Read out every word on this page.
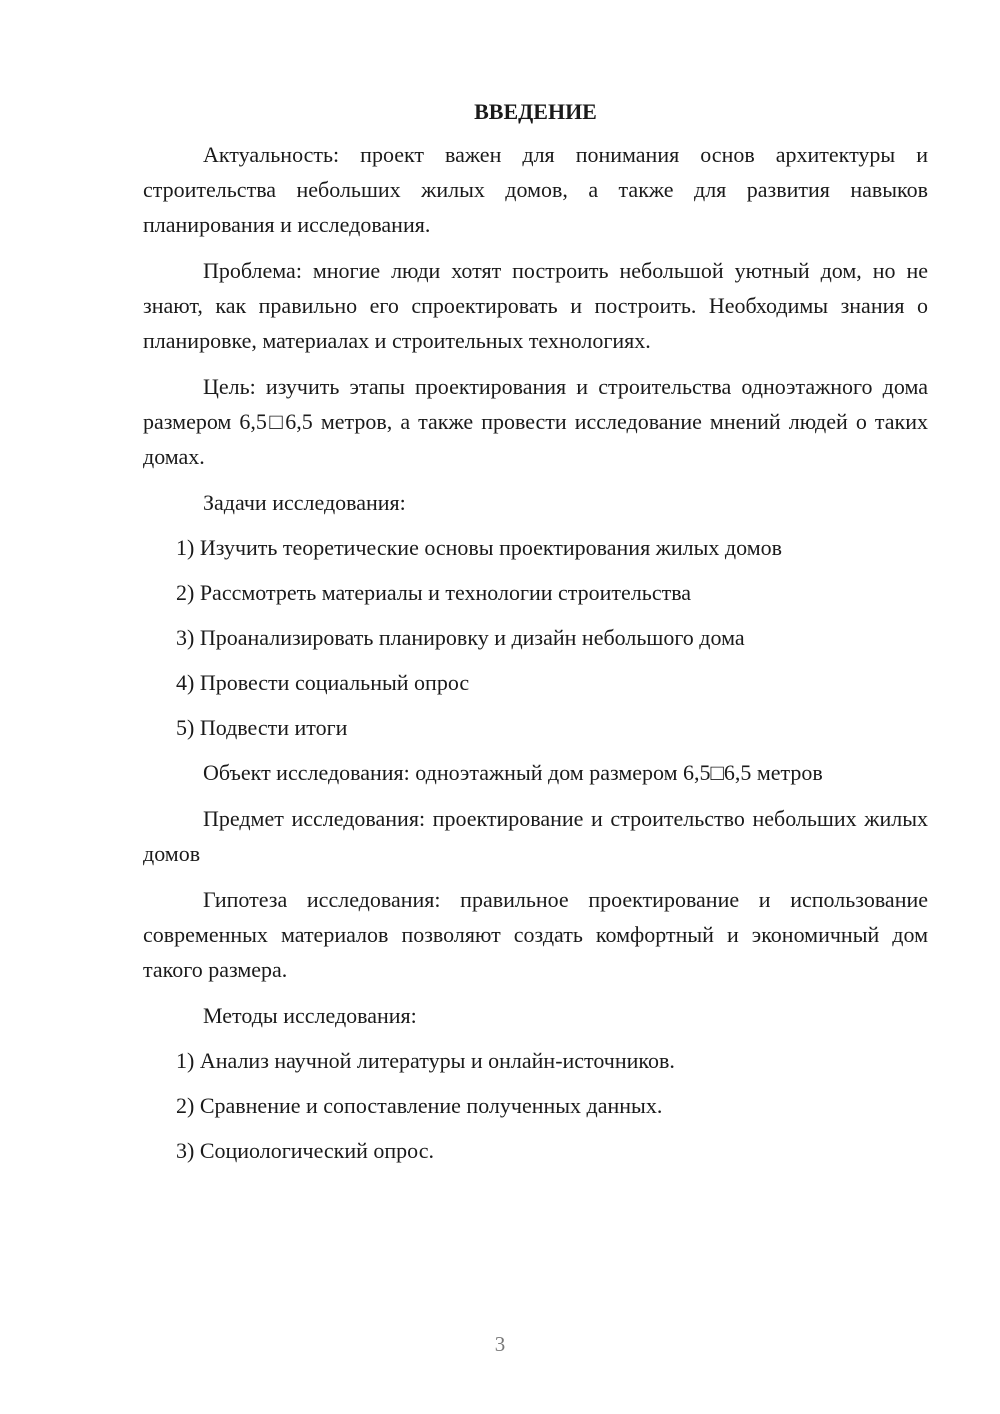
ВВЕДЕНИЕ

Актуальность: проект важен для понимания основ архитектуры и строительства небольших жилых домов, а также для развития навыков планирования и исследования.

Проблема: многие люди хотят построить небольшой уютный дом, но не знают, как правильно его спроектировать и построить. Необходимы знания о планировке, материалах и строительных технологиях.

Цель: изучить этапы проектирования и строительства одноэтажного дома размером 6,5□6,5 метров, а также провести исследование мнений людей о таких домах.

Задачи исследования:

1) Изучить теоретические основы проектирования жилых домов
2) Рассмотреть материалы и технологии строительства
3) Проанализировать планировку и дизайн небольшого дома
4) Провести социальный опрос
5) Подвести итоги

Объект исследования: одноэтажный дом размером 6,5□6,5 метров

Предмет исследования: проектирование и строительство небольших жилых домов

Гипотеза исследования: правильное проектирование и использование современных материалов позволяют создать комфортный и экономичный дом такого размера.

Методы исследования:

1) Анализ научной литературы и онлайн-источников.
2) Сравнение и сопоставление полученных данных.
3) Социологический опрос.
3
